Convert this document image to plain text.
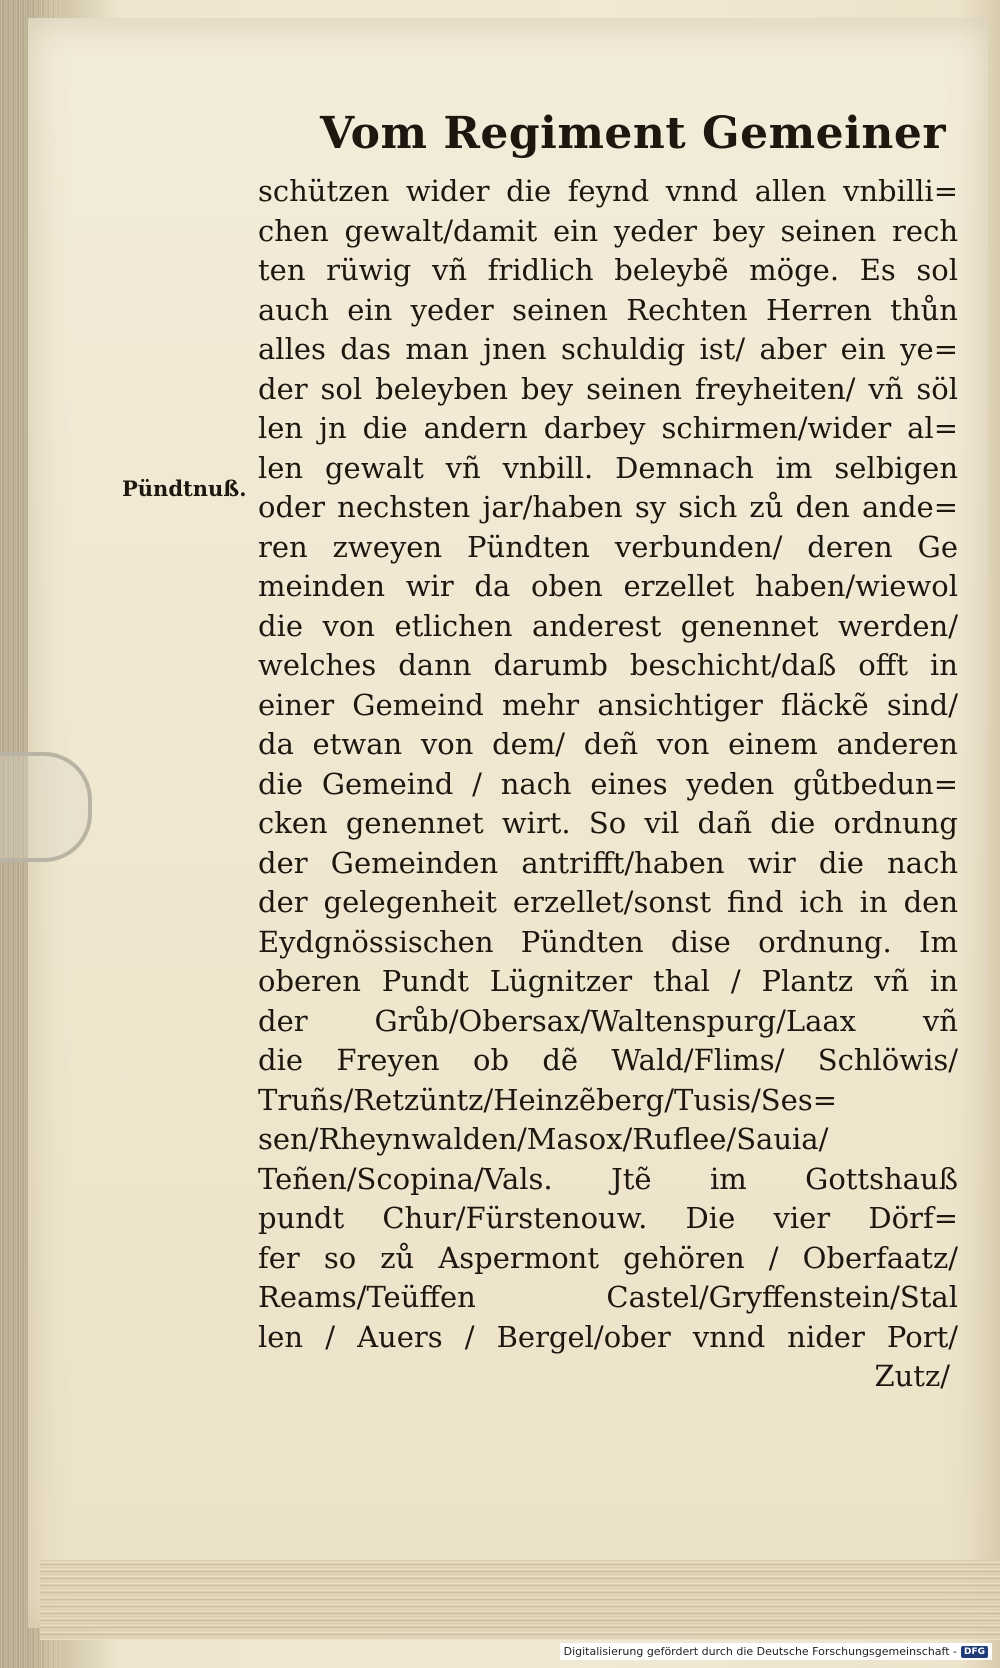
Vom Regiment Gemeiner
Pündtnuß.
schützen wider die feynd vnnd allen vnbilli=
chen gewalt/damit ein yeder bey seinen rech
ten rüwig vñ fridlich beleybẽ möge. Es sol
auch ein yeder seinen Rechten Herren thůn
alles das man jnen schuldig ist/ aber ein ye=
der sol beleyben bey seinen freyheiten/ vñ söl
len jn die andern darbey schirmen/wider al=
len gewalt vñ vnbill. Demnach im selbigen
oder nechsten jar/haben sy sich zů den ande=
ren zweyen Pündten verbunden/ deren Ge
meinden wir da oben erzellet haben/wiewol
die von etlichen anderest genennet werden/
welches dann darumb beschicht/daß offt in
einer Gemeind mehr ansichtiger fläckẽ sind/
da etwan von dem/ deñ von einem anderen
die Gemeind / nach eines yeden gůtbedun=
cken genennet wirt. So vil dañ die ordnung
der Gemeinden antrifft/haben wir die nach
der gelegenheit erzellet/sonst find ich in den
Eydgnössischen Pündten dise ordnung. Im
oberen Pundt Lügnitzer thal / Plantz vñ in
der Grůb/Obersax/Waltenspurg/Laax vñ
die Freyen ob dẽ Wald/Flims/ Schlöwis/
Truñs/Retzüntz/Heinzẽberg/Tusis/Ses=
sen/Rheynwalden/Masox/Ruflee/Sauia/
Teñen/Scopina/Vals. Jtẽ im Gottshauß
pundt Chur/Fürstenouw. Die vier Dörf=
fer so zů Aspermont gehören / Oberfaatz/
Reams/Teüffen Castel/Gryffenstein/Stal
len / Auers / Bergel/ober vnnd nider Port/
Zutz/
Digitalisierung gefördert durch die Deutsche Forschungsgemeinschaft - DFG
